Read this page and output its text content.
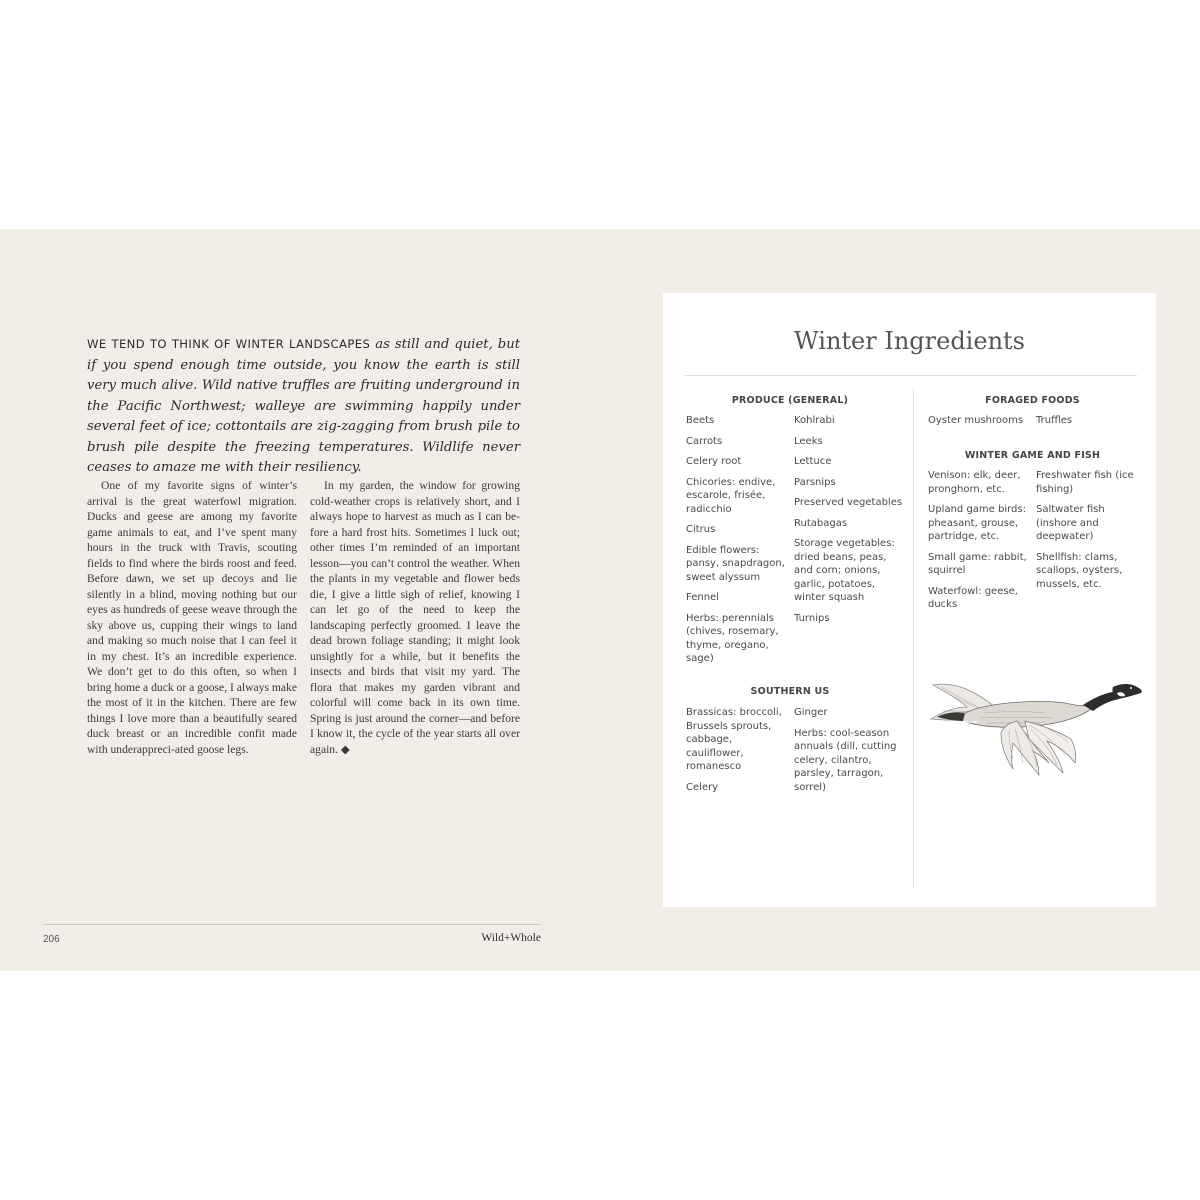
WE TEND TO THINK OF WINTER LANDSCAPES as still and quiet, but if you spend enough time outside, you know the earth is still very much alive. Wild native truffles are fruiting underground in the Pacific Northwest; walleye are swimming happily under several feet of ice; cottontails are zig-zagging from brush pile to brush pile despite the freezing temperatures. Wildlife never ceases to amaze me with their resiliency.

One of my favorite signs of winter’s arrival is the great waterfowl migration. Ducks and geese are among my favorite game animals to eat, and I’ve spent many hours in the truck with Travis, scouting fields to find where the birds roost and feed. Before dawn, we set up decoys and lie silently in a blind, moving nothing but our eyes as hundreds of geese weave through the sky above us, cupping their wings to land and making so much noise that I can feel it in my chest. It’s an incredible experience. We don’t get to do this often, so when I bring home a duck or a goose, I always make the most of it in the kitchen. There are few things I love more than a beautifully seared duck breast or an incredible confit made with underappreci-ated goose legs.

In my garden, the window for growing cold-weather crops is relatively short, and I always hope to harvest as much as I can be-fore a hard frost hits. Sometimes I luck out; other times I’m reminded of an important lesson—you can’t control the weather. When the plants in my vegetable and flower beds die, I give a little sigh of relief, knowing I can let go of the need to keep the landscaping perfectly groomed. I leave the dead brown foliage standing; it might look unsightly for a while, but it benefits the insects and birds that visit my yard. The flora that makes my garden vibrant and colorful will come back in its own time. Spring is just around the corner—and before I know it, the cycle of the year starts all over again. ◆

206	Wild+Whole
Winter Ingredients
PRODUCE (GENERAL)
Beets
Carrots
Celery root
Chicories: endive, escarole, frisée, radicchio
Citrus
Edible flowers: pansy, snapdragon, sweet alyssum
Fennel
Herbs: perennials (chives, rosemary, thyme, oregano, sage)
Kohlrabi
Leeks
Lettuce
Parsnips
Preserved vegetables
Rutabagas
Storage vegetables: dried beans, peas, and corn; onions, garlic, potatoes, winter squash
Turnips
SOUTHERN US
Brassicas: broccoli, Brussels sprouts, cabbage, cauliflower, romanesco
Celery
Ginger
Herbs: cool-season annuals (dill, cutting celery, cilantro, parsley, tarragon, sorrel)
FORAGED FOODS
Oyster mushrooms	Truffles
WINTER GAME AND FISH
Venison: elk, deer, pronghorn, etc.
Upland game birds: pheasant, grouse, partridge, etc.
Small game: rabbit, squirrel
Waterfowl: geese, ducks
Freshwater fish (ice fishing)
Saltwater fish (inshore and deepwater)
Shellfish: clams, scallops, oysters, mussels, etc.
